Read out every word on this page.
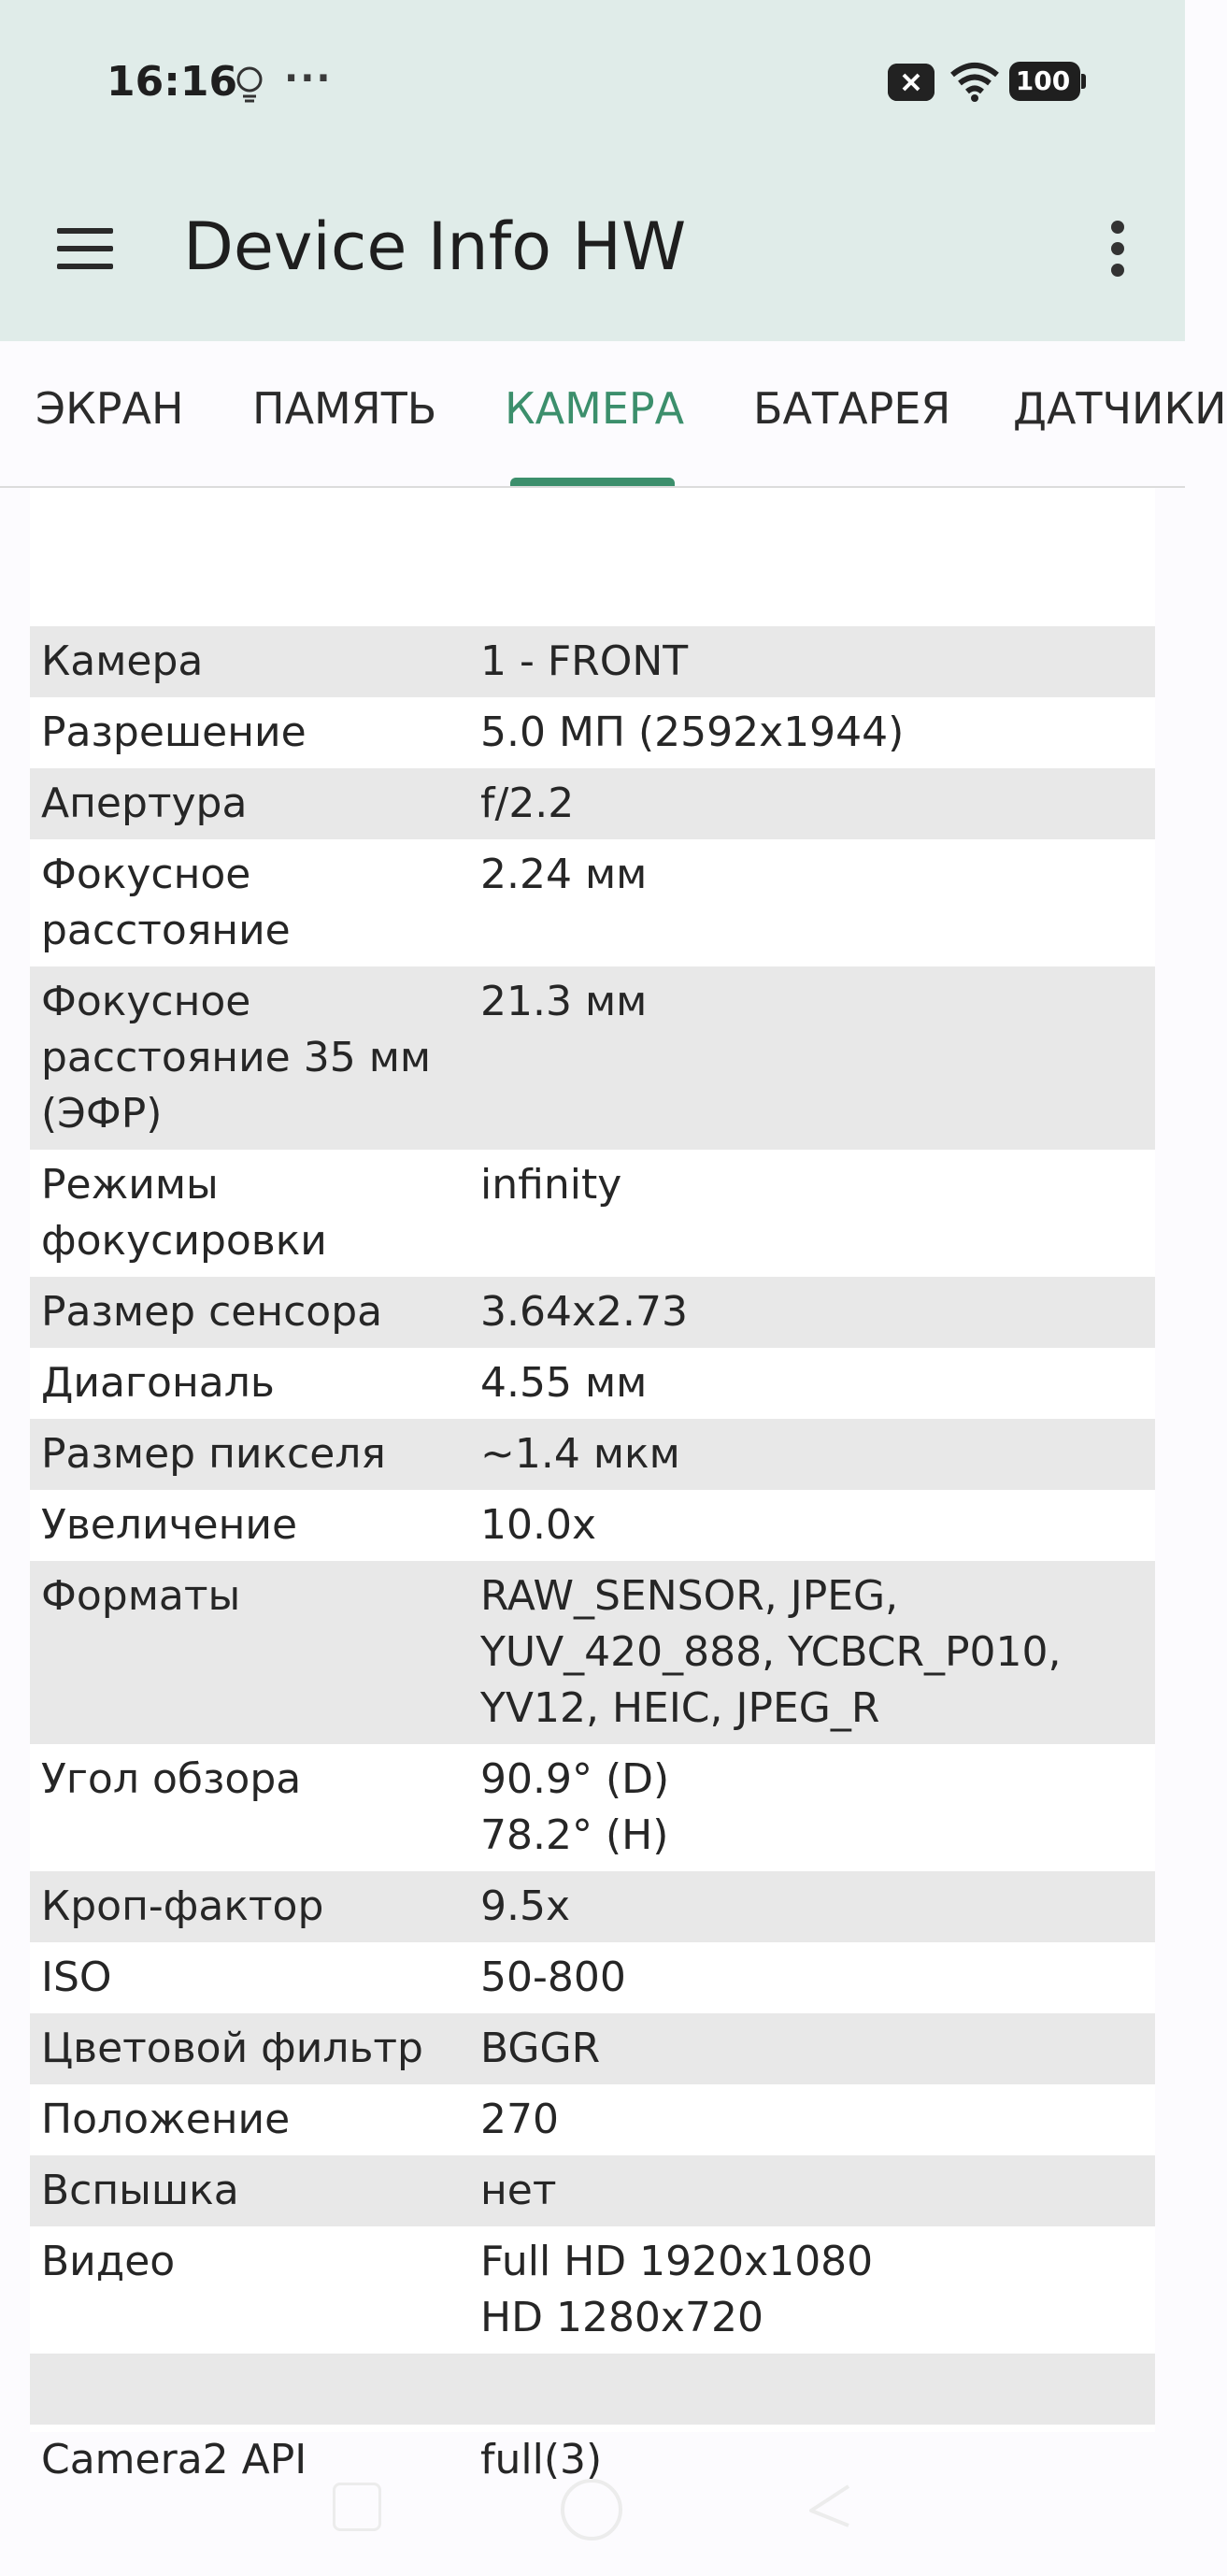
16:16 ···	100
Device Info HW
ЭКРАН ПАМЯТЬ КАМЕРА БАТАРЕЯ ДАТЧИКИ

Камера	1 - FRONT
Разрешение	5.0 МП (2592x1944)
Апертура	f/2.2
Фокусное расстояние	2.24 мм
Фокусное расстояние 35 мм (ЭФР)	21.3 мм
Режимы фокусировки	infinity
Размер сенсора	3.64x2.73
Диагональ	4.55 мм
Размер пикселя	~1.4 мкм
Увеличение	10.0x
Форматы	RAW_SENSOR, JPEG, YUV_420_888, YCBCR_P010, YV12, HEIC, JPEG_R
Угол обзора	90.9° (D)
78.2° (H)
Кроп-фактор	9.5x
ISO	50-800
Цветовой фильтр	BGGR
Положение	270
Вспышка	нет
Видео	Full HD 1920x1080
HD 1280x720

Camera2 API	full(3)
